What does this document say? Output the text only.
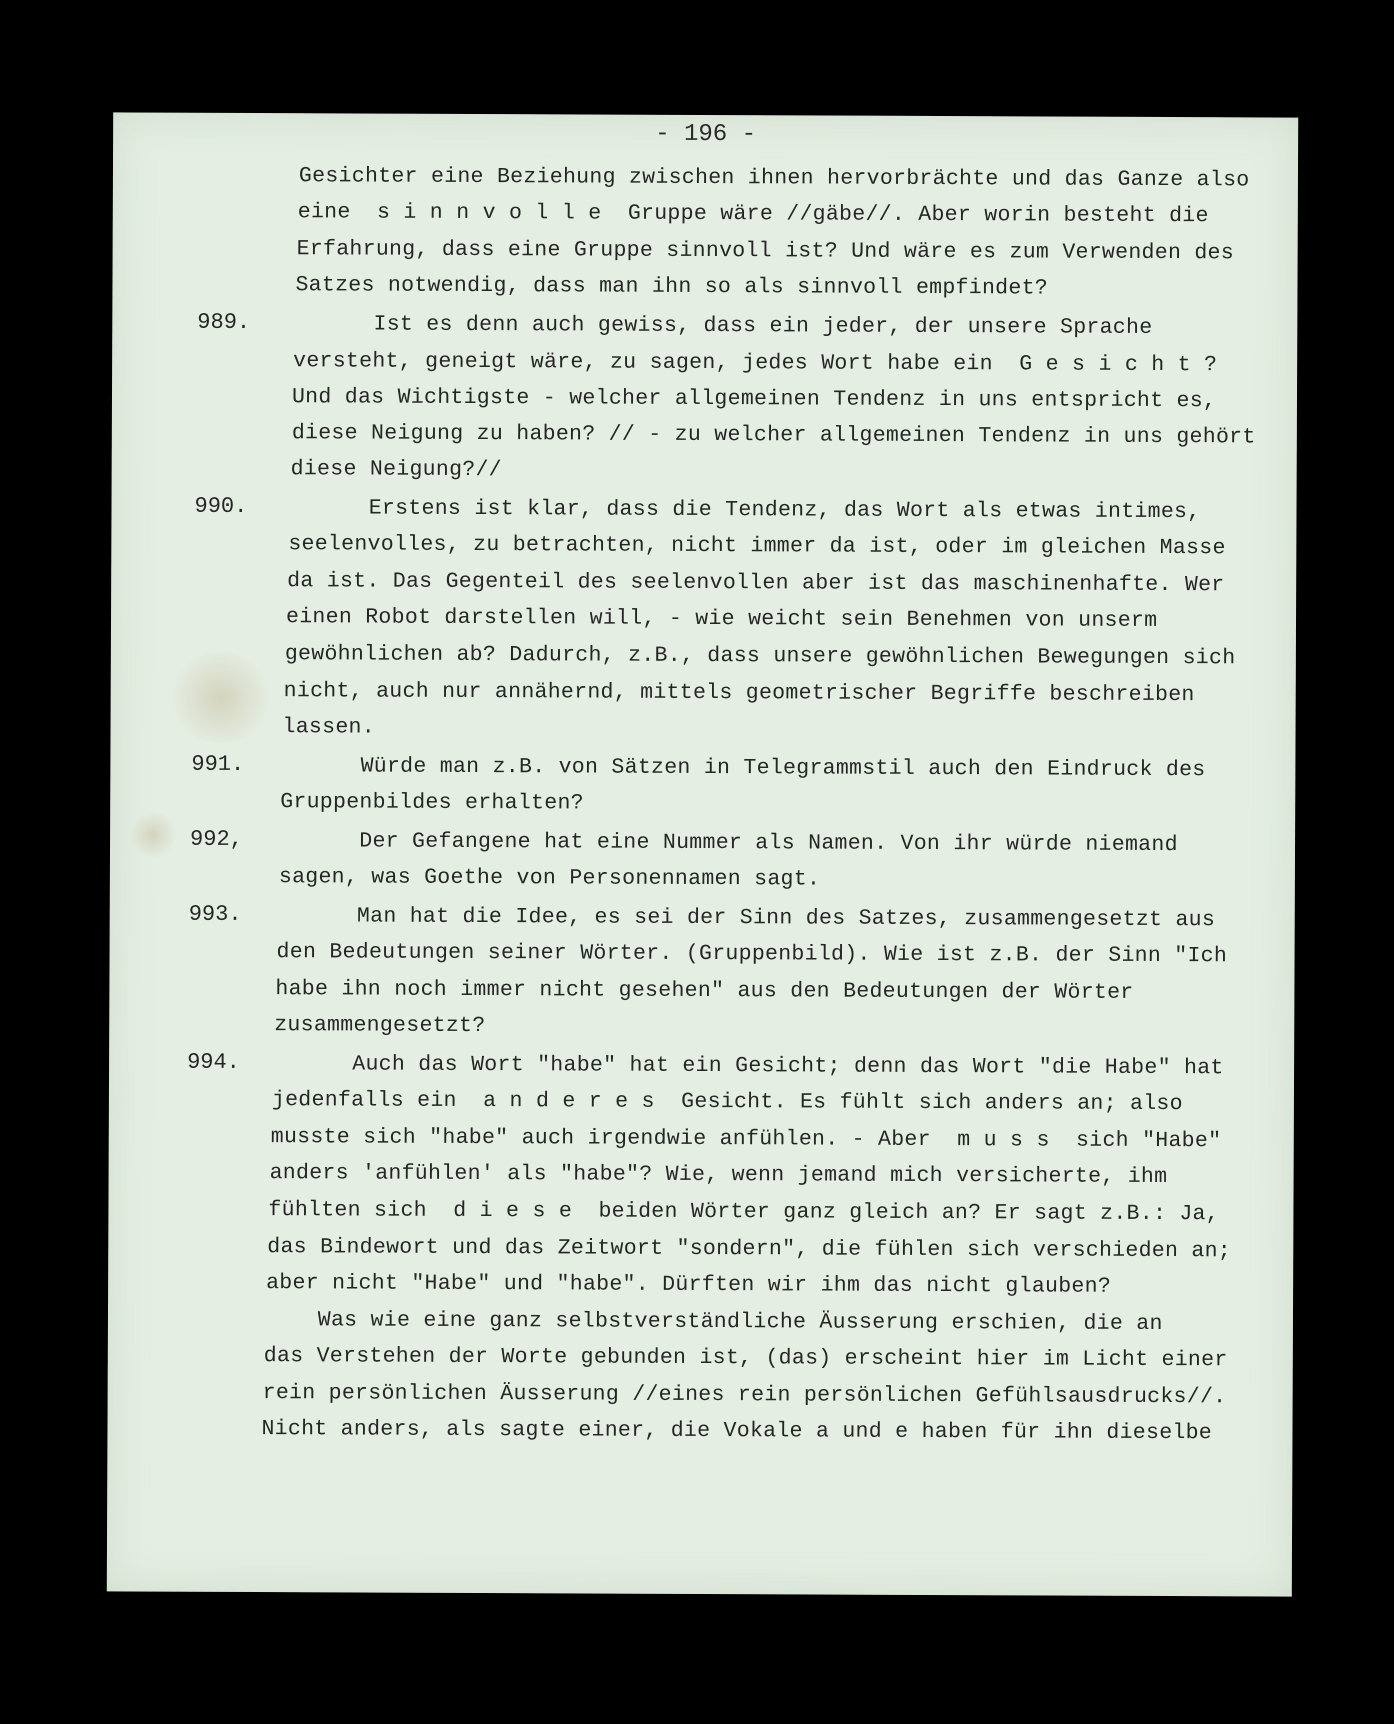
- 196 -
989.
990.
991.
992,
993.
994.
Gesichter eine Beziehung zwischen ihnen hervorbrächte und das Ganze also
eine  s i n n v o l l e  Gruppe wäre //gäbe//. Aber worin besteht die
Erfahrung, dass eine Gruppe sinnvoll ist? Und wäre es zum Verwenden des
Satzes notwendig, dass man ihn so als sinnvoll empfindet?
Ist es denn auch gewiss, dass ein jeder, der unsere Sprache
versteht, geneigt wäre, zu sagen, jedes Wort habe ein  G e s i c h t ?
Und das Wichtigste - welcher allgemeinen Tendenz in uns entspricht es,
diese Neigung zu haben? // - zu welcher allgemeinen Tendenz in uns gehört
diese Neigung?//
Erstens ist klar, dass die Tendenz, das Wort als etwas intimes,
seelenvolles, zu betrachten, nicht immer da ist, oder im gleichen Masse
da ist. Das Gegenteil des seelenvollen aber ist das maschinenhafte. Wer
einen Robot darstellen will, - wie weicht sein Benehmen von unserm
gewöhnlichen ab? Dadurch, z.B., dass unsere gewöhnlichen Bewegungen sich
nicht, auch nur annähernd, mittels geometrischer Begriffe beschreiben
lassen.
Würde man z.B. von Sätzen in Telegrammstil auch den Eindruck des
Gruppenbildes erhalten?
Der Gefangene hat eine Nummer als Namen. Von ihr würde niemand
sagen, was Goethe von Personennamen sagt.
Man hat die Idee, es sei der Sinn des Satzes, zusammengesetzt aus
den Bedeutungen seiner Wörter. (Gruppenbild). Wie ist z.B. der Sinn "Ich
habe ihn noch immer nicht gesehen" aus den Bedeutungen der Wörter
zusammengesetzt?
Auch das Wort "habe" hat ein Gesicht; denn das Wort "die Habe" hat
jedenfalls ein  a n d e r e s  Gesicht. Es fühlt sich anders an; also
musste sich "habe" auch irgendwie anfühlen. - Aber  m u s s  sich "Habe"
anders 'anfühlen' als "habe"? Wie, wenn jemand mich versicherte, ihm
fühlten sich  d i e s e  beiden Wörter ganz gleich an? Er sagt z.B.: Ja,
das Bindewort und das Zeitwort "sondern", die fühlen sich verschieden an;
aber nicht "Habe" und "habe". Dürften wir ihm das nicht glauben?
Was wie eine ganz selbstverständliche Äusserung erschien, die an
das Verstehen der Worte gebunden ist, (das) erscheint hier im Licht einer
rein persönlichen Äusserung //eines rein persönlichen Gefühlsausdrucks//.
Nicht anders, als sagte einer, die Vokale a und e haben für ihn dieselbe
